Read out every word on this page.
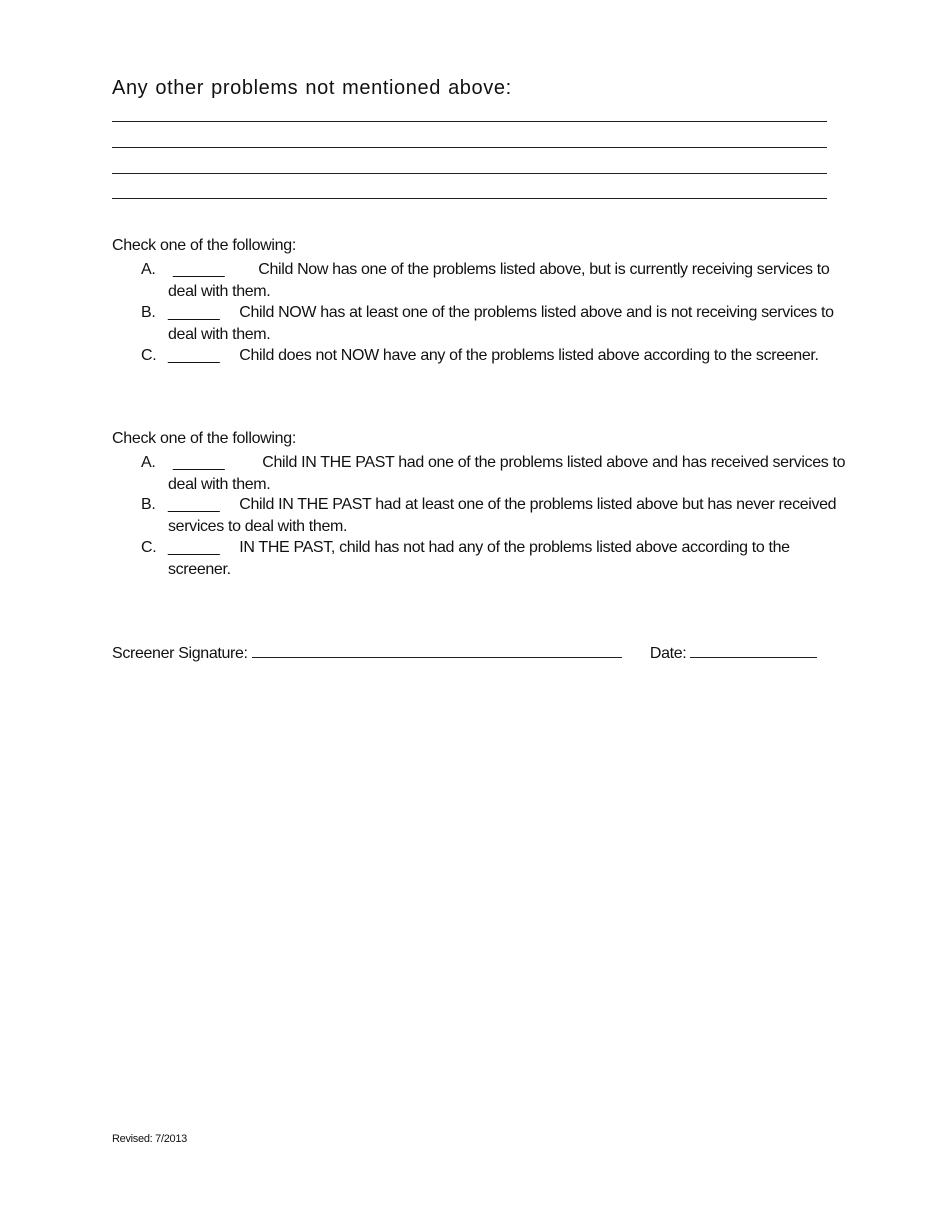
Any other problems not mentioned above:
Check one of the following:
A.	______ Child Now has one of the problems listed above, but is currently receiving services to deal with them.
B. ______ Child NOW has at least one of the problems listed above and is not receiving services to deal with them.
C. ______ Child does not NOW have any of the problems listed above according to the screener.
Check one of the following:
A.	______ Child IN THE PAST had one of the problems listed above and has received services to deal with them.
B. ______ Child IN THE PAST had at least one of the problems listed above but has never received services to deal with them.
C. ______ IN THE PAST, child has not had any of the problems listed above according to the screener.
Screener Signature:	Date:
Revised: 7/2013
